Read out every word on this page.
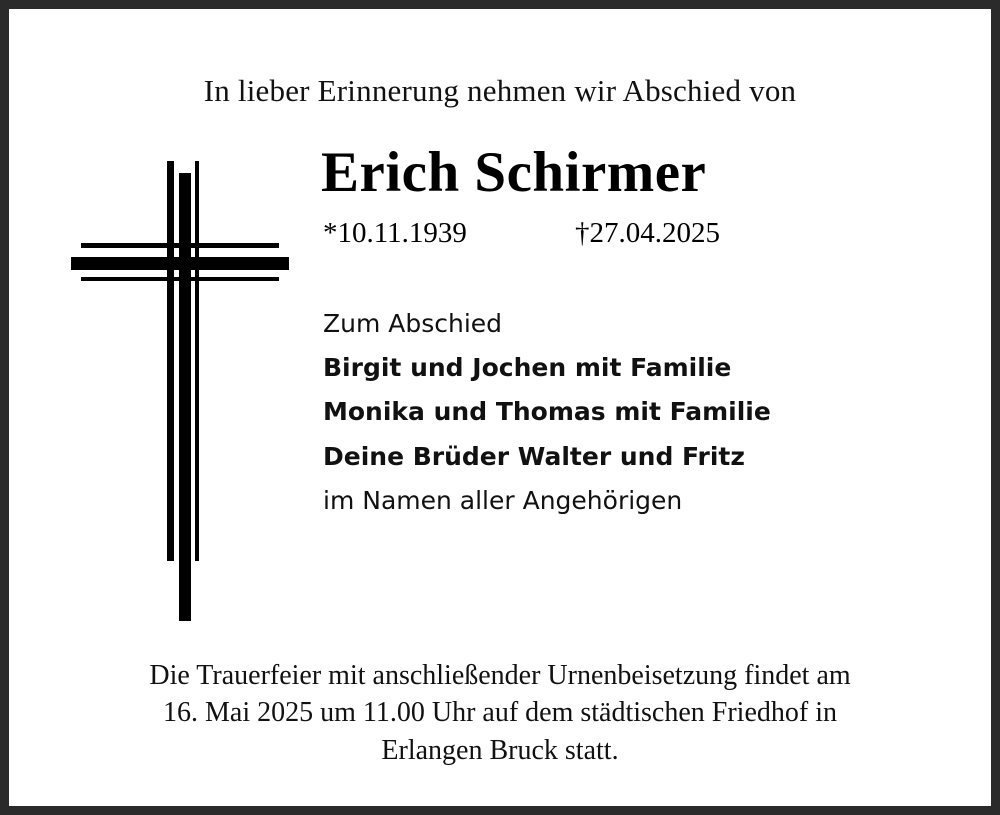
In lieber Erinnerung nehmen wir Abschied von
Erich Schirmer
*10.11.1939	†27.04.2025
Zum Abschied
Birgit und Jochen mit Familie
Monika und Thomas mit Familie
Deine Brüder Walter und Fritz
im Namen aller Angehörigen
Die Trauerfeier mit anschließender Urnenbeisetzung findet am
16. Mai 2025 um 11.00 Uhr auf dem städtischen Friedhof in
Erlangen Bruck statt.
